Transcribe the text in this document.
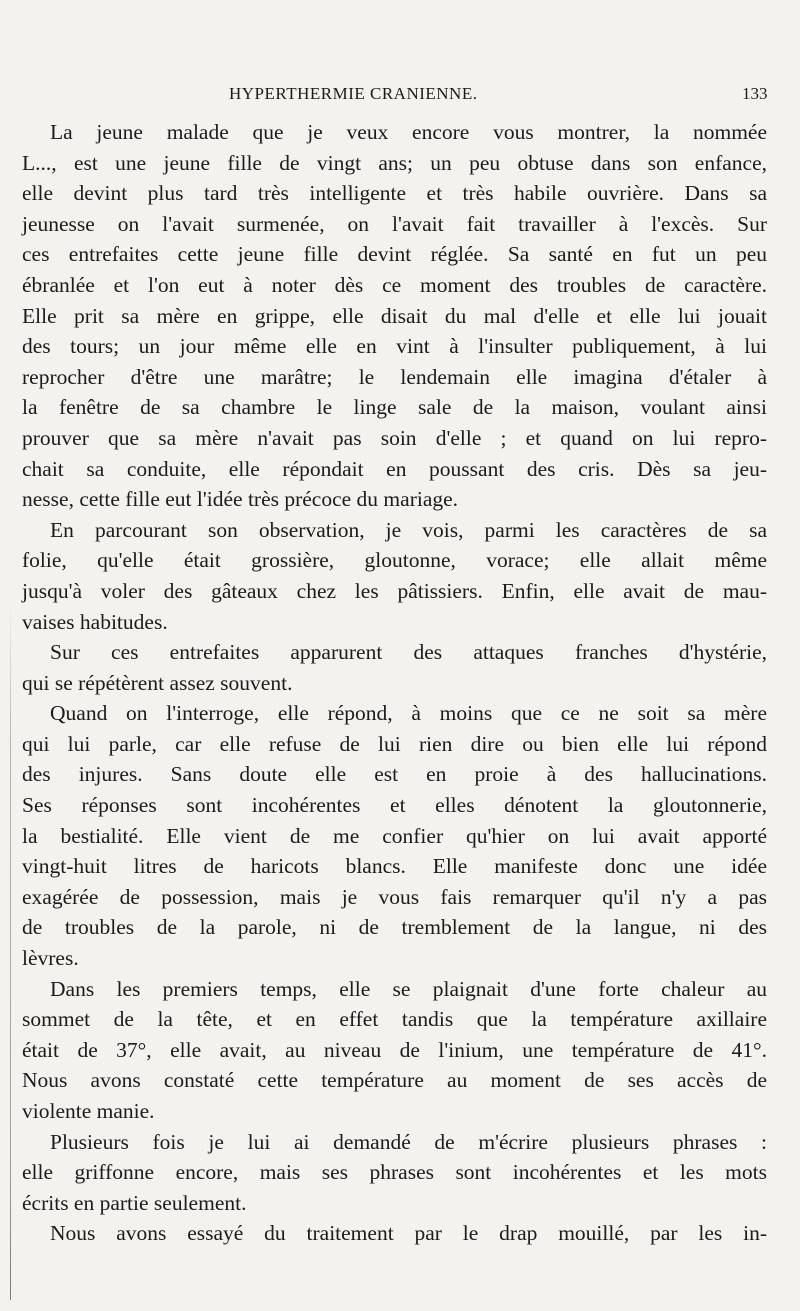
HYPERTHERMIE CRANIENNE.	133
La jeune malade que je veux encore vous montrer, la nommée
L..., est une jeune fille de vingt ans; un peu obtuse dans son enfance,
elle devint plus tard très intelligente et très habile ouvrière. Dans sa
jeunesse on l'avait surmenée, on l'avait fait travailler à l'excès. Sur
ces entrefaites cette jeune fille devint réglée. Sa santé en fut un peu
ébranlée et l'on eut à noter dès ce moment des troubles de caractère.
Elle prit sa mère en grippe, elle disait du mal d'elle et elle lui jouait
des tours; un jour même elle en vint à l'insulter publiquement, à lui
reprocher d'être une marâtre; le lendemain elle imagina d'étaler à
la fenêtre de sa chambre le linge sale de la maison, voulant ainsi
prouver que sa mère n'avait pas soin d'elle ; et quand on lui repro-
chait sa conduite, elle répondait en poussant des cris. Dès sa jeu-
nesse, cette fille eut l'idée très précoce du mariage.
En parcourant son observation, je vois, parmi les caractères de sa
folie, qu'elle était grossière, gloutonne, vorace; elle allait même
jusqu'à voler des gâteaux chez les pâtissiers. Enfin, elle avait de mau-
vaises habitudes.
Sur ces entrefaites apparurent des attaques franches d'hystérie,
qui se répétèrent assez souvent.
Quand on l'interroge, elle répond, à moins que ce ne soit sa mère
qui lui parle, car elle refuse de lui rien dire ou bien elle lui répond
des injures. Sans doute elle est en proie à des hallucinations.
Ses réponses sont incohérentes et elles dénotent la gloutonnerie,
la bestialité. Elle vient de me confier qu'hier on lui avait apporté
vingt-huit litres de haricots blancs. Elle manifeste donc une idée
exagérée de possession, mais je vous fais remarquer qu'il n'y a pas
de troubles de la parole, ni de tremblement de la langue, ni des
lèvres.
Dans les premiers temps, elle se plaignait d'une forte chaleur au
sommet de la tête, et en effet tandis que la température axillaire
était de 37°, elle avait, au niveau de l'inium, une température de 41°.
Nous avons constaté cette température au moment de ses accès de
violente manie.
Plusieurs fois je lui ai demandé de m'écrire plusieurs phrases :
elle griffonne encore, mais ses phrases sont incohérentes et les mots
écrits en partie seulement.
Nous avons essayé du traitement par le drap mouillé, par les in-
